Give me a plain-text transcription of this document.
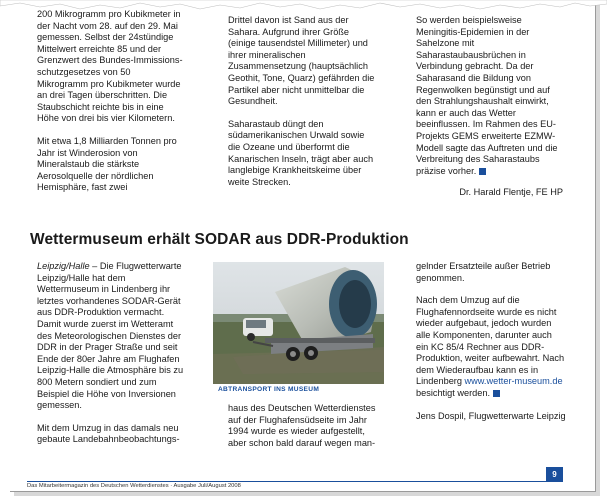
200 Mikrogramm pro Kubikmeter in der Nacht vom 28. auf den 29. Mai gemessen. Selbst der 24stündige Mittelwert erreichte 85 und der Grenzwert des Bundes-Immissions-schutzgesetzes von 50 Mikrogramm pro Kubikmeter wurde an drei Tagen überschritten. Die Staubschicht reichte bis in eine Höhe von drei bis vier Kilometern.

Mit etwa 1,8 Milliarden Tonnen pro Jahr ist Winderosion von Mineralstaub die stärkste Aerosolquelle der nördlichen Hemisphäre, fast zwei

Drittel davon ist Sand aus der Sahara. Aufgrund ihrer Größe (einige tausendstel Millimeter) und ihrer mineralischen Zusammensetzung (hauptsächlich Geothit, Tone, Quarz) gefährden die Partikel aber nicht unmittelbar die Gesundheit.

Saharastaub düngt den südamerikanischen Urwald sowie die Ozeane und überformt die Kanarischen Inseln, trägt aber auch langlebige Krankheitskeime über weite Strecken.

So werden beispielsweise Meningitis-Epidemien in der Sahelzone mit Saharastaubausbrüchen in Verbindung gebracht. Da der Saharasand die Bildung von Regenwolken begünstigt und auf den Strahlungshaushalt einwirkt, kann er auch das Wetter beeinflussen. Im Rahmen des EU-Projekts GEMS erweiterte EZMW-Modell sagte das Auftreten und die Verbreitung des Saharastaubs präzise vorher.

Dr. Harald Flentje, FE HP

Wettermuseum erhält SODAR aus DDR-Produktion

Leipzig/Halle – Die Flugwetterwarte Leipzig/Halle hat dem Wettermuseum in Lindenberg ihr letztes vorhandenes SODAR-Gerät aus DDR-Produktion vermacht. Damit wurde zuerst im Wetteramt des Meteorologischen Dienstes der DDR in der Prager Straße und seit Ende der 80er Jahre am Flughafen Leipzig-Halle die Atmosphäre bis zu 800 Metern sondiert und zum Beispiel die Höhe von Inversionen gemessen.

Mit dem Umzug in das damals neu gebaute Landebahnbeobachtungs-

ABTRANSPORT INS MUSEUM

haus des Deutschen Wetterdienstes auf der Flughafensüdseite im Jahr 1994 wurde es wieder aufgestellt, aber schon bald darauf wegen man-

gelnder Ersatzteile außer Betrieb genommen.

Nach dem Umzug auf die Flughafennordseite wurde es nicht wieder aufgebaut, jedoch wurden alle Komponenten, darunter auch ein KC 85/4 Rechner aus DDR-Produktion, weiter aufbewahrt. Nach dem Wiederaufbau kann es in Lindenberg www.wetter-museum.de besichtigt werden.

Jens Dospil, Flugwetterwarte Leipzig

Das Mitarbeitermagazin des Deutschen Wetterdienstes · Ausgabe Juli/August 2008
9
